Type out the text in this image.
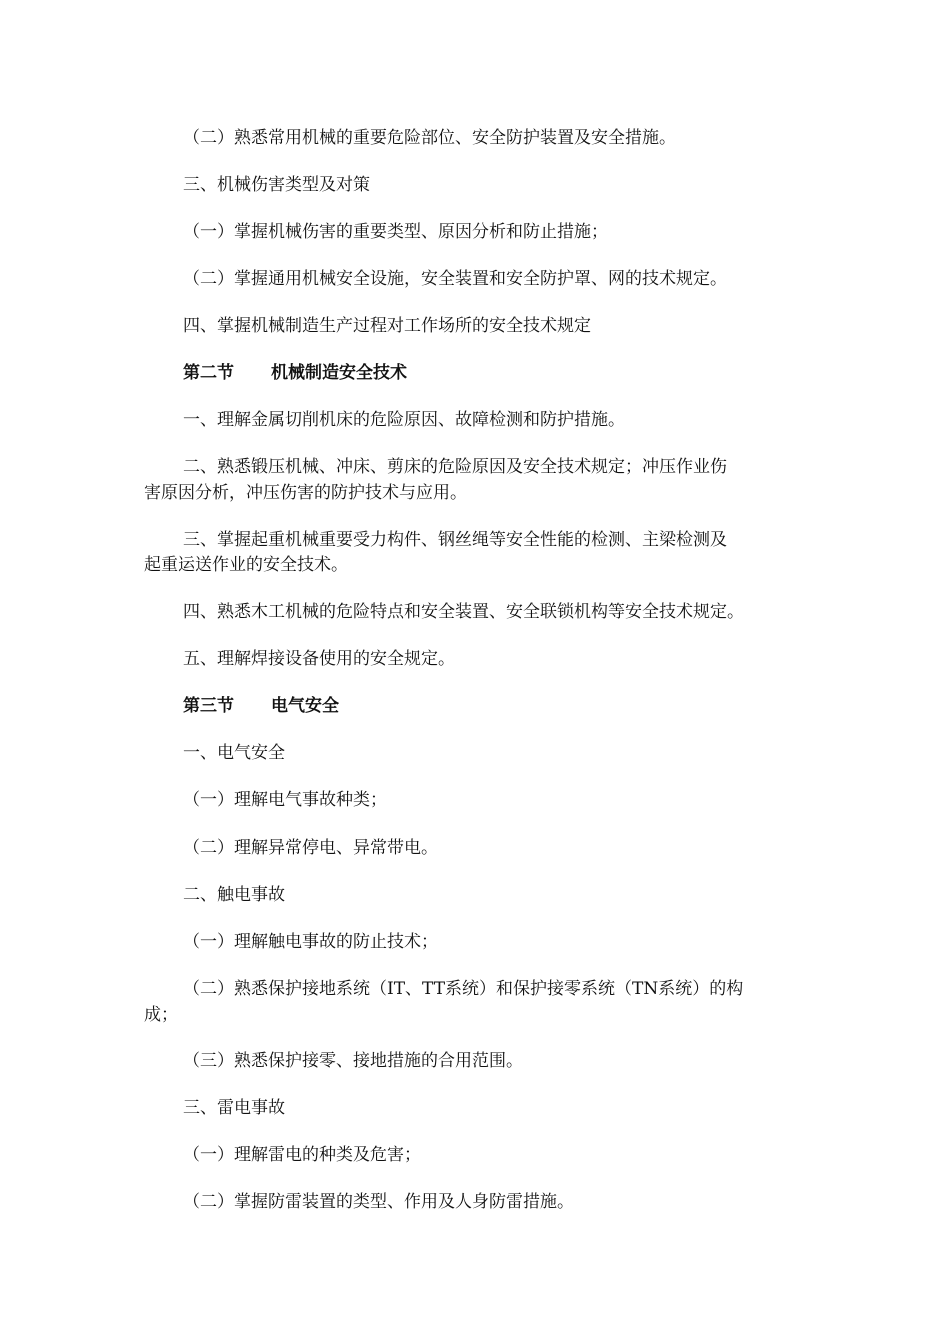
（二）熟悉常用机械的重要危险部位、安全防护装置及安全措施。
三、机械伤害类型及对策
（一）掌握机械伤害的重要类型、原因分析和防止措施；
（二）掌握通用机械安全设施，安全装置和安全防护罩、网的技术规定。
四、掌握机械制造生产过程对工作场所的安全技术规定
第二节 机械制造安全技术
一、理解金属切削机床的危险原因、故障检测和防护措施。
二、熟悉锻压机械、冲床、剪床的危险原因及安全技术规定；冲压作业伤
害原因分析，冲压伤害的防护技术与应用。
三、掌握起重机械重要受力构件、钢丝绳等安全性能的检测、主梁检测及
起重运送作业的安全技术。
四、熟悉木工机械的危险特点和安全装置、安全联锁机构等安全技术规定。
五、理解焊接设备使用的安全规定。
第三节 电气安全
一、电气安全
（一）理解电气事故种类；
（二）理解异常停电、异常带电。
二、触电事故
（一）理解触电事故的防止技术；
（二）熟悉保护接地系统（IT、TT系统）和保护接零系统（TN系统）的构
成；
（三）熟悉保护接零、接地措施的合用范围。
三、雷电事故
（一）理解雷电的种类及危害；
（二）掌握防雷装置的类型、作用及人身防雷措施。
